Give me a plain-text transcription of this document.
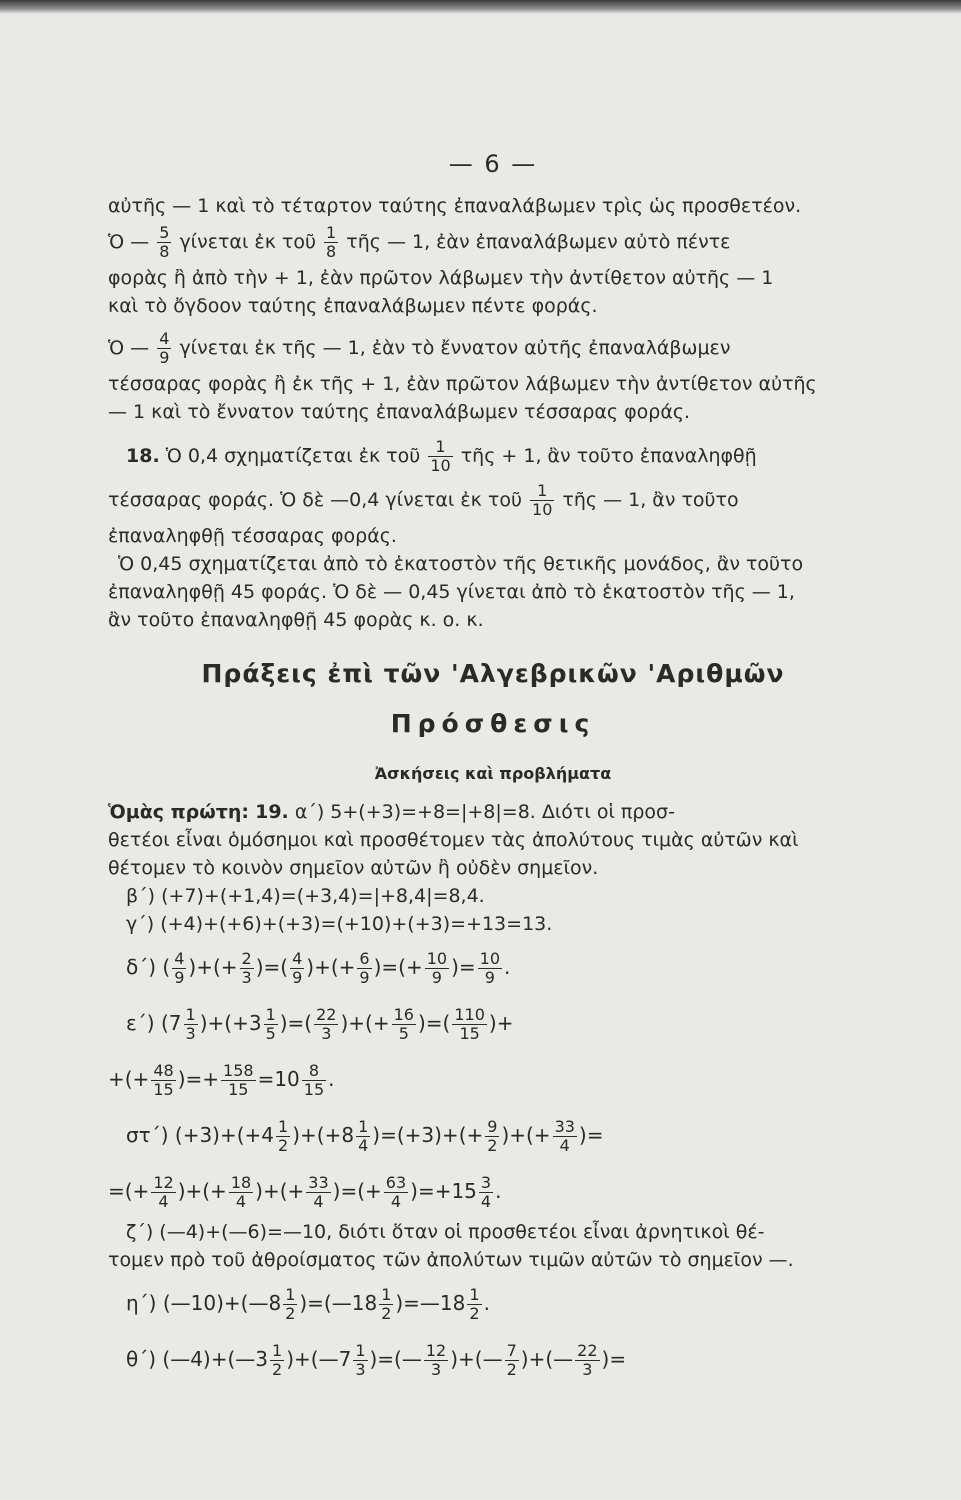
— 6 —
αὐτῆς — 1 καὶ τὸ τέταρτον ταύτης ἐπαναλάβωμεν τρὶς ὡς προσθετέον.
Ὁ — $\frac{5}{8}$ γίνεται ἐκ τοῦ $\frac{1}{8}$ τῆς — 1, ἐὰν ἐπαναλάβωμεν αὐτὸ πέντε
φορὰς ἢ ἀπὸ τὴν + 1, ἐὰν πρῶτον λάβωμεν τὴν ἀντίθετον αὐτῆς — 1
καὶ τὸ ὄγδοον ταύτης ἐπαναλάβωμεν πέντε φοράς.
Ὁ — $\frac{4}{9}$ γίνεται ἐκ τῆς — 1, ἐὰν τὸ ἔννατον αὐτῆς ἐπαναλάβωμεν
τέσσαρας φορὰς ἢ ἐκ τῆς + 1, ἐὰν πρῶτον λάβωμεν τὴν ἀντίθετον αὐτῆς
— 1 καὶ τὸ ἔννατον ταύτης ἐπαναλάβωμεν τέσσαρας φοράς.
18. Ὁ 0,4 σχηματίζεται ἐκ τοῦ $\frac{1}{10}$ τῆς + 1, ἂν τοῦτο ἐπαναληφθῇ
τέσσαρας φοράς. Ὁ δὲ —0,4 γίνεται ἐκ τοῦ $\frac{1}{10}$ τῆς — 1, ἂν τοῦτο
ἐπαναληφθῇ τέσσαρας φοράς.
Ὁ 0,45 σχηματίζεται ἀπὸ τὸ ἑκατοστὸν τῆς θετικῆς μονάδος, ἂν τοῦτο
ἐπαναληφθῇ 45 φοράς. Ὁ δὲ — 0,45 γίνεται ἀπὸ τὸ ἑκατοστὸν τῆς — 1,
ἂν τοῦτο ἐπαναληφθῇ 45 φορὰς κ. ο. κ.
Πράξεις ἐπὶ τῶν 'Αλγεβρικῶν 'Αριθμῶν
Πρόσθεσις
Ἀσκήσεις καὶ προβλήματα
Ὁμὰς πρώτη: 19. α΄) 5+(+3)=+8=|+8|=8. Διότι οἱ προσ-
θετέοι εἶναι ὁμόσημοι καὶ προσθέτομεν τὰς ἀπολύτους τιμὰς αὐτῶν καὶ
θέτομεν τὸ κοινὸν σημεῖον αὐτῶν ἢ οὐδὲν σημεῖον.
β΄) (+7)+(+1,4)=(+3,4)=|+8,4|=8,4.
γ΄) (+4)+(+6)+(+3)=(+10)+(+3)=+13=13.
δ΄) ( $\frac{4}{9}$ )+(+ $\frac{2}{3}$ )=( $\frac{4}{9}$ )+(+ $\frac{6}{9}$ )=(+ $\frac{10}{9}$ )= $\frac{10}{9}$ .
ε΄) $(7 \frac{1}{3} )+(+3 \frac{1}{5}$ )=( $\frac{22}{3}$ )+(+ $\frac{16}{5}$ )=( $\frac{110}{15}$ )+
+(+ $\frac{48}{15}$ )=+ $\frac{158}{15} =10 \frac{8}{15}$ .
στ΄) $(+3)+(+4 \frac{1}{2} )+(+8 \frac{1}{4} )=(+3)+(+ \frac{9}{2}$ )+(+ $\frac{33}{4}$ )=
=(+ $\frac{12}{4}$ )+(+ $\frac{18}{4}$ )+(+ $\frac{33}{4}$ )=(+ $\frac{63}{4} )=+15 \frac{3}{4}$ .
ζ΄) (—4)+(—6)=—10, διότι ὅταν οἱ προσθετέοι εἶναι ἀρνητικοὶ θέ-
τομεν πρὸ τοῦ ἀθροίσματος τῶν ἀπολύτων τιμῶν αὐτῶν τὸ σημεῖον —.
η΄) (—10)+(—8 $\frac{1}{2}$ )=(—18 $\frac{1}{2}$ )=—18 $\frac{1}{2}$ .
θ΄) (—4)+(—3 $\frac{1}{2}$ )+(—7 $\frac{1}{3}$ )=(— $\frac{12}{3}$ )+(— $\frac{7}{2}$ )+(— $\frac{22}{3}$ )=
